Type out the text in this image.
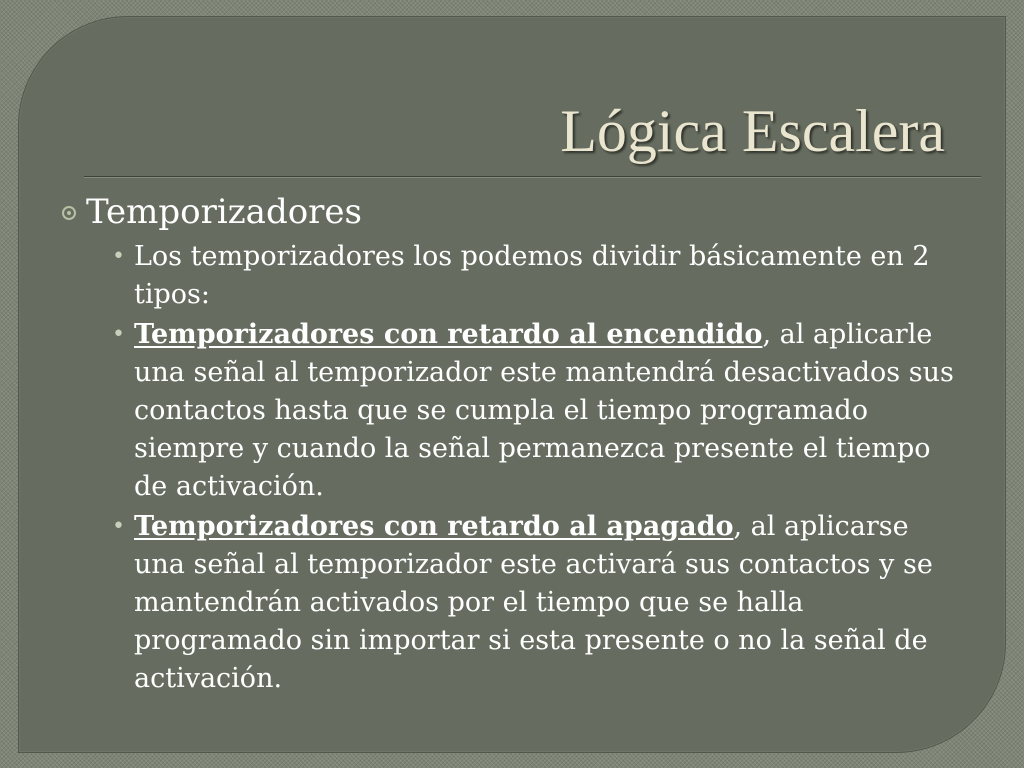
Lógica Escalera
Temporizadores
• Los temporizadores los podemos dividir básicamente en 2 tipos:
• Temporizadores con retardo al encendido, al aplicarle una señal al temporizador este mantendrá desactivados sus contactos hasta que se cumpla el tiempo programado siempre y cuando la señal permanezca presente el tiempo de activación.
• Temporizadores con retardo al apagado, al aplicarse una señal al temporizador este activará sus contactos y se mantendrán activados por el tiempo que se halla programado sin importar si esta presente o no la señal de activación.
